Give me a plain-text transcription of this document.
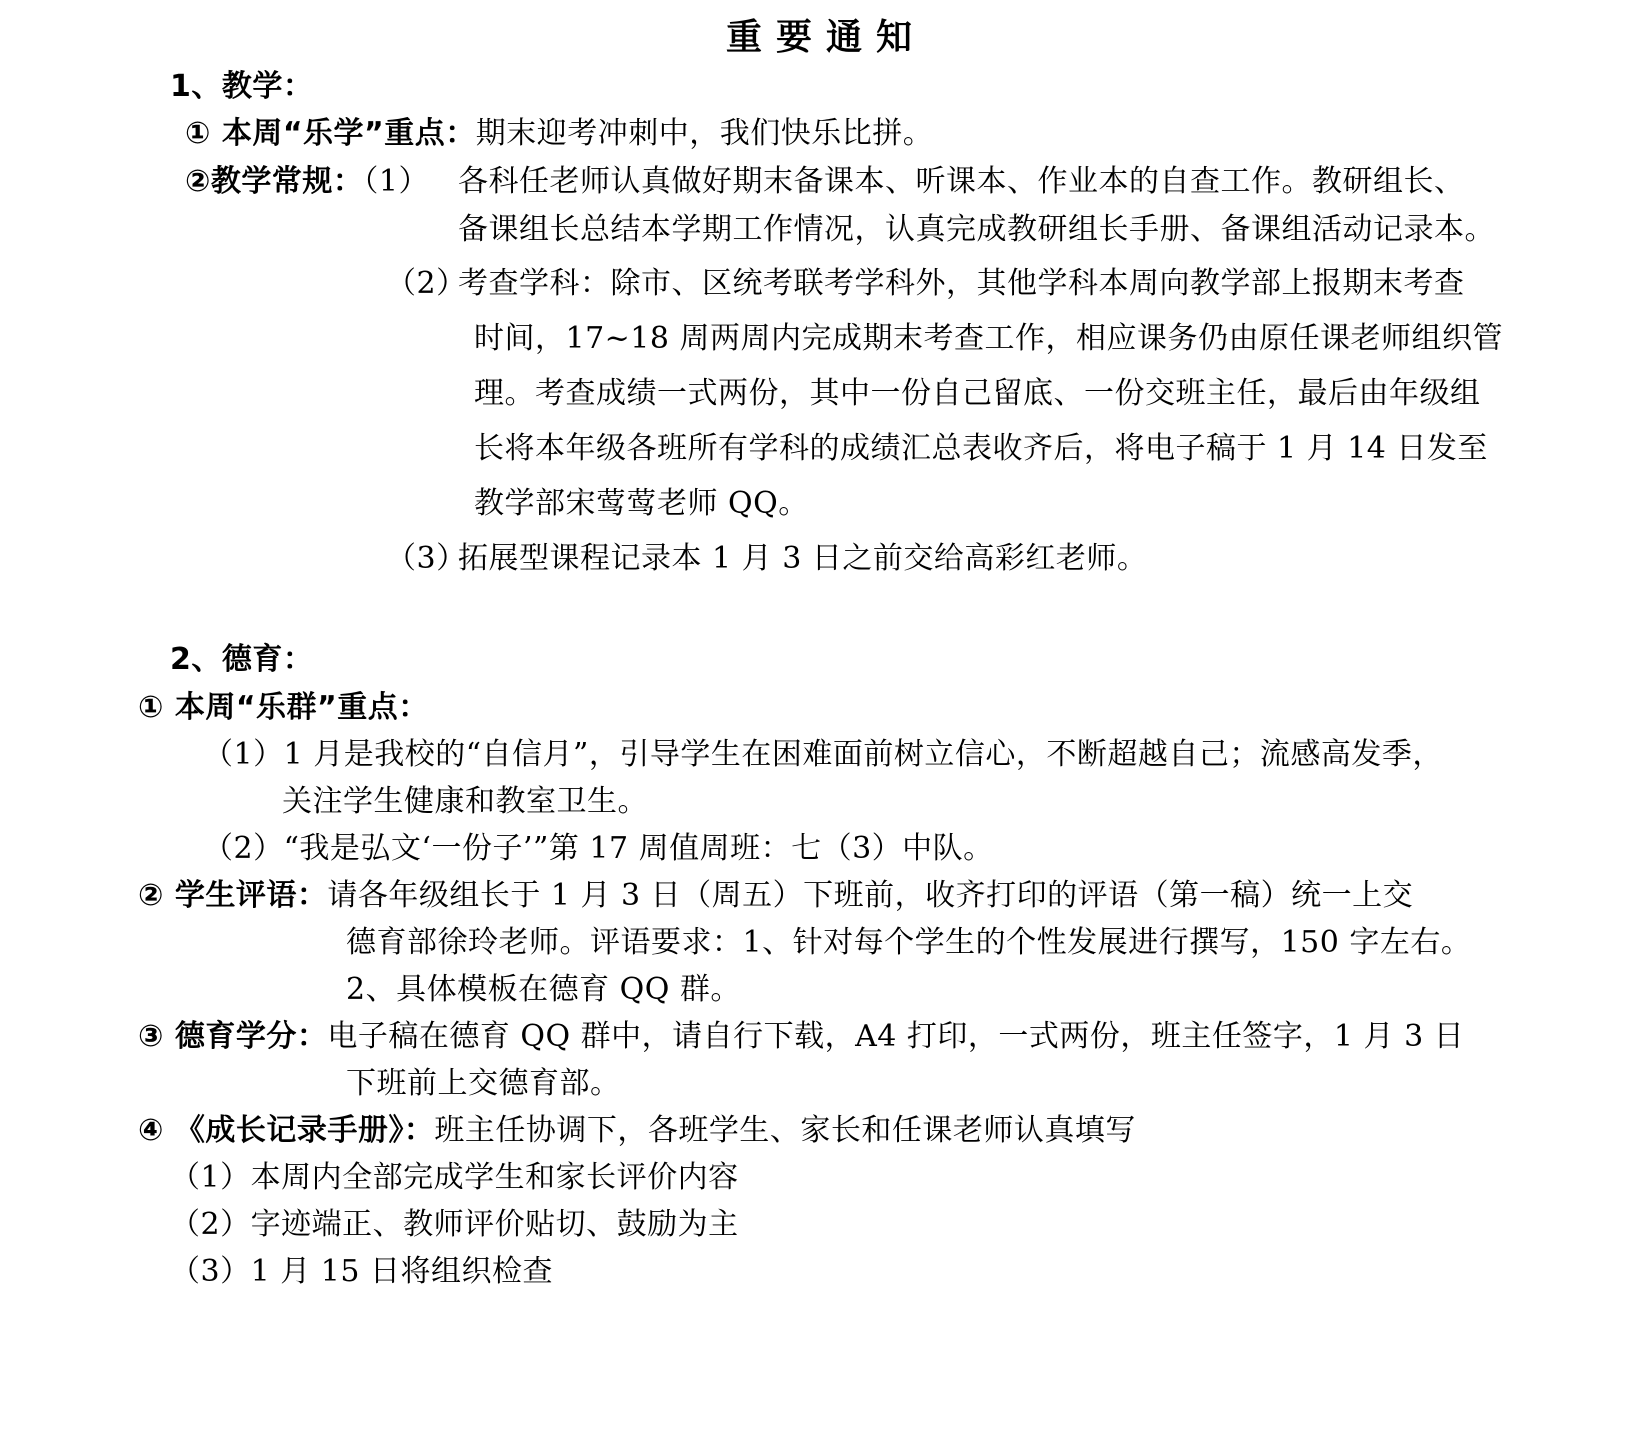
重要通知
1、教学：
① 本周“乐学”重点：期末迎考冲刺中，我们快乐比拼。
②教学常规：（1） 各科任老师认真做好期末备课本、听课本、作业本的自查工作。教研组长、
备课组长总结本学期工作情况，认真完成教研组长手册、备课组活动记录本。
（2）
考查学科：除市、区统考联考学科外，其他学科本周向教学部上报期末考查
时间，17~18 周两周内完成期末考查工作，相应课务仍由原任课老师组织管
理。考查成绩一式两份，其中一份自己留底、一份交班主任，最后由年级组
长将本年级各班所有学科的成绩汇总表收齐后，将电子稿于 1 月 14 日发至
教学部宋莺莺老师 QQ。
（3）
拓展型课程记录本 1 月 3 日之前交给高彩红老师。
2、德育：
① 本周“乐群”重点：
（1）1 月是我校的“自信月”，引导学生在困难面前树立信心，不断超越自己；流感高发季，
关注学生健康和教室卫生。
（2）“我是弘文‘一份子’”第 17 周值周班：七（3）中队。
② 学生评语：请各年级组长于 1 月 3 日（周五）下班前，收齐打印的评语（第一稿）统一上交
德育部徐玲老师。评语要求：1、针对每个学生的个性发展进行撰写，150 字左右。
2、具体模板在德育 QQ 群。
③ 德育学分：电子稿在德育 QQ 群中，请自行下载，A4 打印，一式两份，班主任签字，1 月 3 日
下班前上交德育部。
④ 《成长记录手册》：班主任协调下，各班学生、家长和任课老师认真填写
（1）本周内全部完成学生和家长评价内容
（2）字迹端正、教师评价贴切、鼓励为主
（3）1 月 15 日将组织检查
